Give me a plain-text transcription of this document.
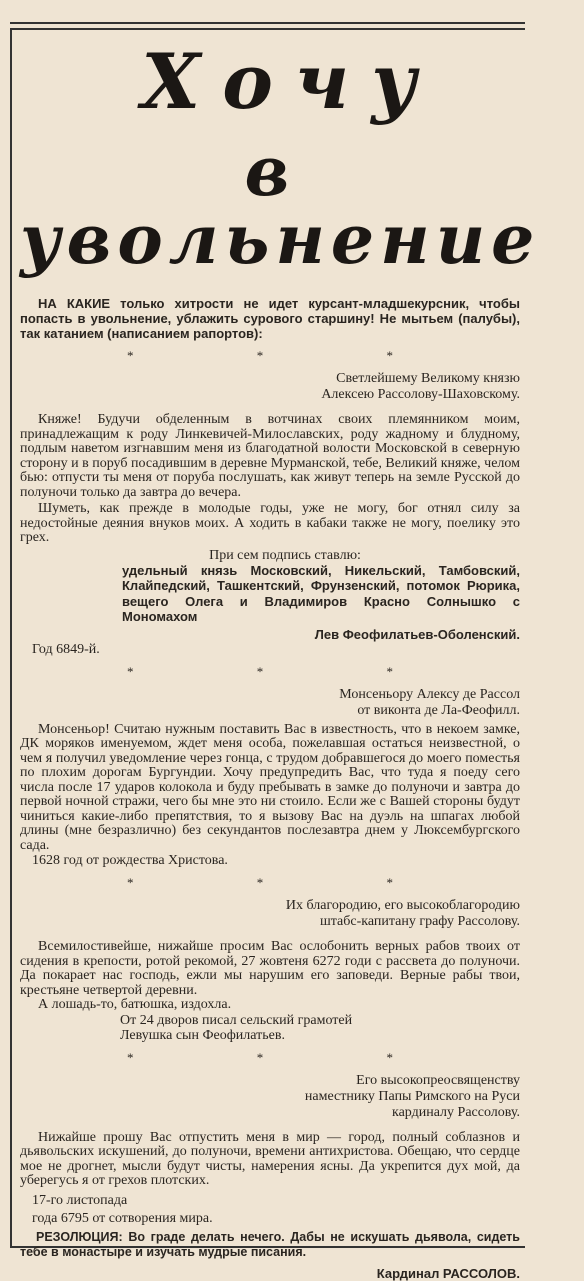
Хочу
в увольнение

НА КАКИЕ только хитрости не идет курсант-младшекурсник, чтобы попасть в увольнение, ублажить сурового старшину! Не мытьем (палубы), так катанием (написанием рапортов):

* * *
Светлейшему Великому князю
Алексею Рассолову-Шаховскому.

Княже! Будучи обделенным в вотчинах своих племянником моим, принадлежащим к роду Линкевичей-Милославских, роду жадному и блудному, подлым наветом изгнавшим меня из благодатной волости Московской в северную сторону и в поруб посадившим в деревне Мурманской, тебе, Великий княже, челом бью: отпусти ты меня от поруба послушать, как живут теперь на земле Русской до полуночи только да завтра до вечера.

Шуметь, как прежде в молодые годы, уже не могу, бог отнял силу за недостойные деяния внуков моих. А ходить в кабаки также не могу, поелику это грех.

При сем подпись ставлю:

удельный князь Московский, Никельский, Тамбовский, Клайпедский, Ташкентский, Фрунзенский, потомок Рюрика, вещего Олега и Владимиров Красно Солнышко с Мономахом

Лев Феофилатьев-Оболенский.

Год 6849-й.

* * *
Монсеньору Алексу де Рассол
от виконта де Ла-Феофилл.

Монсеньор! Считаю нужным поставить Вас в известность, что в некоем замке, ДК моряков именуемом, ждет меня особа, пожелавшая остаться неизвестной, о чем я получил уведомление через гонца, с трудом добравшегося до моего поместья по плохим дорогам Бургундии. Хочу предупредить Вас, что туда я поеду сего числа после 17 ударов колокола и буду пребывать в замке до полуночи и завтра до первой ночной стражи, чего бы мне это ни стоило. Если же с Вашей стороны будут чиниться какие-либо препятствия, то я вызову Вас на дуэль на шпагах любой длины (мне безразлично) без секундантов послезавтра днем у Люксембургского сада.

1628 год от рождества Христова.

* * *
Их благородию, его высокоблагородию
штабс-капитану графу Рассолову.

Всемилостивейше, нижайше просим Вас ослобонить верных рабов твоих от сидения в крепости, ротой рекомой, 27 жовтеня 6272 годи с рассвета до полуночи. Да покарает нас господь, ежли мы нарушим его заповеди. Верные рабы твои, крестьяне четвертой деревни.

А лошадь-то, батюшка, издохла.

От 24 дворов писал сельский грамотей

Левушка сын Феофилатьев.

* * *
Его высокопреосвященству
наместнику Папы Римского на Руси
кардиналу Рассолову.

Нижайше прошу Вас отпустить меня в мир — город, полный соблазнов и дьявольских искушений, до полуночи, времени антихристова. Обещаю, что сердце мое не дрогнет, мысли будут чисты, намерения ясны. Да укрепится дух мой, да уберегусь я от грехов плотских.

17-го листопада

года 6795 от сотворения мира.

РЕЗОЛЮЦИЯ: Во граде делать нечего. Дабы не искушать дьявола, сидеть тебе в монастыре и изучать мудрые писания.

Кардинал РАССОЛОВ.
